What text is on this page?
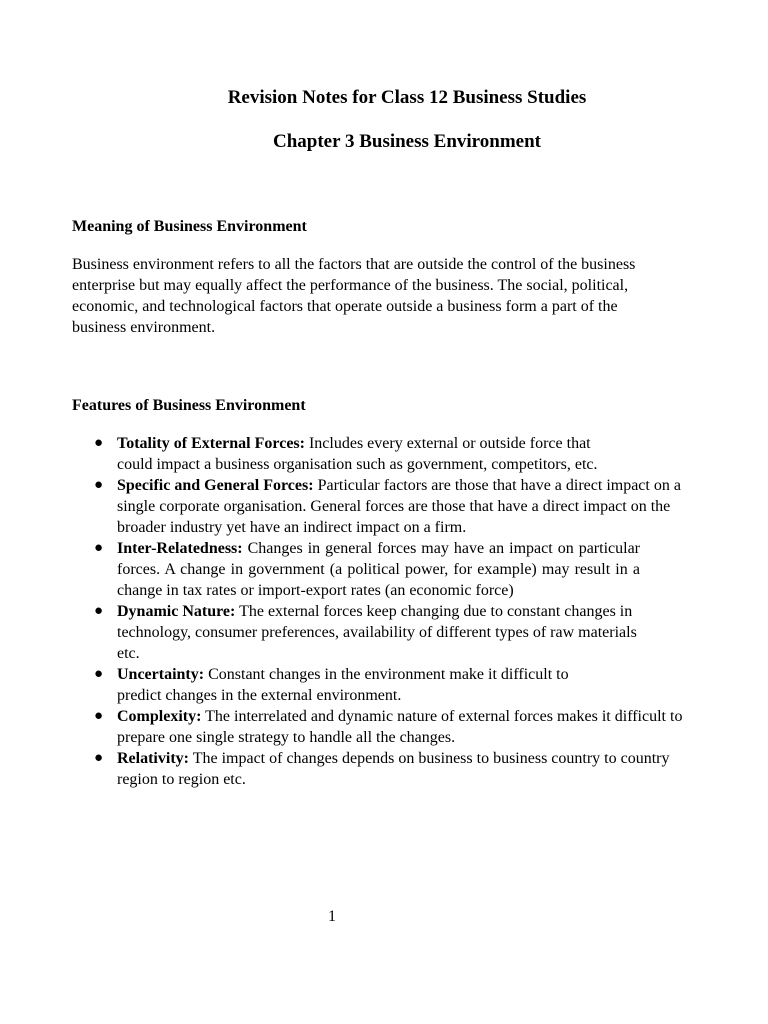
Revision Notes for Class 12 Business Studies
Chapter 3 Business Environment
Meaning of Business Environment

Business environment refers to all the factors that are outside the control of the business enterprise but may equally affect the performance of the business. The social, political, economic, and technological factors that operate outside a business form a part of the business environment.

Features of Business Environment
● Totality of External Forces: Includes every external or outside force that could impact a business organisation such as government, competitors, etc.
● Specific and General Forces: Particular factors are those that have a direct impact on a single corporate organisation. General forces are those that have a direct impact on the broader industry yet have an indirect impact on a firm.
● Inter-Relatedness: Changes in general forces may have an impact on particular forces. A change in government (a political power, for example) may result in a change in tax rates or import-export rates (an economic force)
● Dynamic Nature: The external forces keep changing due to constant changes in technology, consumer preferences, availability of different types of raw materials etc.
● Uncertainty: Constant changes in the environment make it difficult to predict changes in the external environment.
● Complexity: The interrelated and dynamic nature of external forces makes it difficult to prepare one single strategy to handle all the changes.
● Relativity: The impact of changes depends on business to business country to country region to region etc.

1
